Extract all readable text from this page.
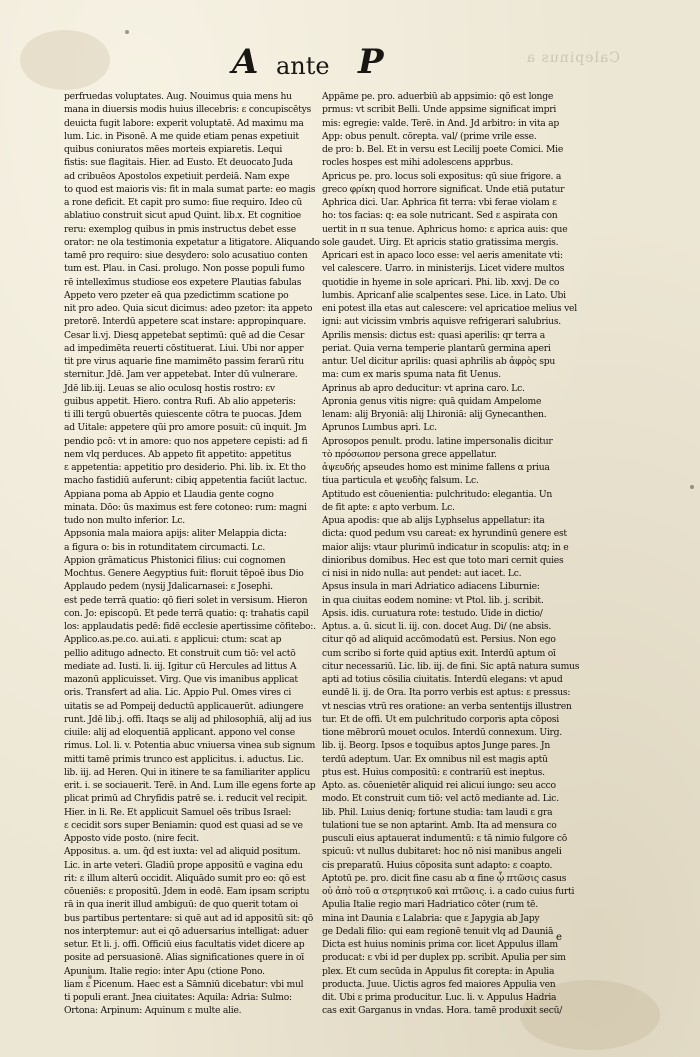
Calepinus a
A ante P
perfruedas voluptates. Aug. Nouimus quia mens hu
mana in diuersis modis huius illecebris: ε concupiscētys
deuicta fugit labore: experit voluptatē. Ad maximu ma
lum. Lic. in Pisonē. A me quide etiam penas expetiuit
quibus coniuratos mēes morteis expiaretis. Lequi
fistis: sue flagitais. Hier. ad Eusto. Et deuocato Juda
ad cribuēos Apostolos expetiuit perdeiā. Nam expe
to quod est maioris vis: fit in mala sumat parte: eo magis
a rone deficit. Et capit pro sumo: fiue requiro. Ideo cū
ablatiuo construit sicut apud Quint. lib.x. Et cognitioe
reru: exemplog quibus in pmis instructus debet esse
orator: ne ola testimonia expetatur a litigatore. Aliquando
tamē pro requiro: siue desydero: solo acusatiuo conten
tum est. Plau. in Casi. prolugo. Non posse populi fumo
rē intellexīmus studiose eos expetere Plautias fabulas
Appeto vero pzeter eā qua pzedictimm scatione po
nit pro adeo. Quia sicut dicimus: adeo pzetor: ita appeto
pretorē. Interdū appetere scat instare: appropinquare.
Cesar li.vj. Diesq appetebat septimū: quē ad die Cesar
ad impedimēta reuerti cōstituerat. Liui. Ubi nor apper
tit pre virus aquarie fine mamimēto passim ferarū ritu
sternitur. Jdē. Jam ver appetebat. Inter dū vulnerare.
Jdē lib.iij. Leuas se alio oculosq hostis rostro: εv
guibus appetit. Hiero. contra Rufi. Ab alio appeteris:
ti illi tergū obuertēs quiescente cōtra te puocas. Jdem
ad Uitale: appetere qūi pro amore posuit: cū inquit. Jm
pendio pcō: vt in amore: quo nos appetere cepisti: ad fi
nem vlq perduces. Ab appeto fit appetito: appetitus
ε appetentia: appetitio pro desiderio. Phi. lib. ix. Et tho
macho fastidiū auferunt: cibiq appetentia faciūt lactuc.
Appiana poma ab Appio et Llaudia gente cogno
minata. Dōo: ūs maximus est fere cotoneo: rum: magni
tudo non multo inferior. Lc.
Appsonia mala maiora apijs: aliter Melappia dicta:
a figura o: bis in rotunditatem circumacti. Lc.
Appion grāmaticus Phistonici filius: cui cognomen
Mochtus. Genere Aegyptius fuit: floruit tēpoē ibus Dio
Applaudo pedem (nysij Jdalicarnasei: ε Josephi.
est pede terrā quatio: qō fieri solet in versisum. Hieron
con. Jo: episcopū. Et pede terrā quatio: q: trahatis capil
los: applaudatis pedē: fidē ecclesie apertissime cōfitebo:.
Applico.as.pe.co. aui.ati. ε applicui: ctum: scat ap
pellio aditugo adnecto. Et construit cum tiō: vel actō
mediate ad. Iusti. li. iij. Igitur cū Hercules ad littus A
mazonū applicuisset. Virg. Que vis imanibus applicat
oris. Transfert ad alia. Lic. Appio Pul. Omes vires ci
uitatis se ad Pompeij deductū applicauerūt. adiungere
runt. Jdē lib.j. offi. Itaqs se alij ad philosophiā, alij ad ius
ciuile: alij ad eloquentiā applicant. appono vel conse
rimus. Lol. li. v. Potentia abuc vniuersa vinea sub signum
mitti tamē primis trunco est applicitus. i. aductus. Lic.
lib. iij. ad Heren. Qui in itinere te sa familiariter applicu
erit. i. se sociauerit. Terē. in And. Lum ille egens forte ap
plicat primū ad Chryfidis patrē se. i. reducit vel recipit.
Hier. in li. Re. Et applicuit Samuel oēs tribus Israel:
ε cecidit sors super Beniamin: quod est quasi ad se ve
Apposto vide posto. (nire fecit.
Appositus. a. um. q̄d est iuxta: vel ad aliquid positum.
Lic. in arte veteri. Gladiū prope appositū e vagina edu
rit: ε illum alterū occidit. Aliquādo sumit pro eo: qō est
cōueniēs: ε propositū. Jdem in eodē. Eam ipsam scriptu
rā in qua inerit illud ambiguū: de quo querit totam oi
bus partibus pertentare: si quē aut ad id appositū sit: qō
nos interptemur: aut ei qō aduersarius intelligat: aduer
setur. Et li. j. offi. Officiū eius facultatis videt dicere ap
posite ad persuasionē. Alias significationes quere in oī
Apunium. Italie regio: inter Apu (ctione Pono.
liam ε Picenum. Haec est a Sāmniū dicebatur: vbi mul
ti populi erant. Jnea ciuitates: Aquila: Adria: Sulmo:
Ortona: Arpinum: Aquinum ε multe alie.
Appāme pe. pro. aduerbiū ab appsimio: qō est longe
prmus: vt scribit Belli. Unde appsime significat impri
mis: egregie: valde. Terē. in And. Jd arbitro: in vita ap
App: obus penult. cōrepta. val/ (prime vrile esse.
de pro: b. Bel. Et in versu est Lecilij poete Comici. Mie
rocles hospes est mihi adolescens apprbus.
Apricus pe. pro. locus soli expositus: qū siue frigore. a
greco φρίκη quod horrore significat. Unde etiā putatur
Aphrica dici. Uar. Aphrica fit terra: vbi ferae violam ε
ho: tos facias: q: ea sole nutricant. Sed ε aspirata con
uertit in π sua tenue. Aphricus homo: ε aprica auis: que
sole gaudet. Uirg. Et apricis statio gratissima mergis.
Apricari est in apaco loco esse: vel aeris amenitate vti:
vel calescere. Uarro. in ministerijs. Licet videre multos
quotidie in hyeme in sole apricari. Phi. lib. xxvj. De co
lumbis. Apricanf alie scalpentes sese. Lice. in Lato. Ubi
eni potest illa etas aut calescere: vel apricatioe melius vel
igni: aut vicissim vmbris aquisve refrigerari salubrius.
Aprilis mensis: dictus est: quasi aperilis: qr terra a
periat. Quia verna temperie plantarū germina aperi
antur. Uel dicitur aprilis: quasi aphrilis ab ἀφρὸς spu
ma: cum ex maris spuma nata fit Uenus.
Aprinus ab apro deducitur: vt aprina caro. Lc.
Apronia genus vitis nigre: quā quidam Ampelome
lenam: alij Bryoniā: alij Lhironiā: alij Gynecanthen.
Aprunos Lumbus apri. Lc.
Aprosopos penult. produ. latine impersonalis dicitur
τὸ πρόσωπον persona grece appellatur.
ἀψευδής apseudes homo est minime fallens α priua
tiua particula et ψευδὴς falsum. Lc.
Aptitudo est cōuenientia: pulchritudo: elegantia. Un
de fit apte: ε apto verbum. Lc.
Apua apodis: que ab alijs Lyphselus appellatur: ita
dicta: quod pedum vsu careat: ex hyrundinū genere est
maior alijs: vtaur plurimū indicatur in scopulis: atq; in e
dinioribus domibus. Hec est que toto mari cernit quies
ci nisi in nido nulla: aut pendet: aut iacet. Lc.
Apsus insula in mari Adriatico adiacens Liburnie:
in qua ciuitas eodem nomine: vt Ptol. lib. j. scribit.
Apsis. idis. curuatura rote: testudo. Uide in dictio/
Aptus. a. ū. sicut li. iij. con. docet Aug. Di/ (ne absis.
citur qō ad aliquid accōmodatū est. Persius. Non ego
cum scribo si forte quid aptius exit. Interdū aptum oī
citur necessariū. Lic. lib. iij. de fini. Sic aptā natura sumus
apti ad totius cōsilia ciuitatis. Interdū elegans: vt apud
eundē li. ij. de Ora. Ita porro verbis est aptus: ε pressus:
vt nescias vtrū res oratione: an verba sententijs illustren
tur. Et de offi. Ut em pulchritudo corporis apta cōposi
tione mēbrorū mouet oculos. Interdū connexum. Uirg.
lib. ij. Beorg. Ipsos e toquibus aptos Junge pares. Jn
terdū adeptum. Uar. Ex omnibus nil est magis aptū
ptus est. Huius compositū: ε contrariū est ineptus.
Apto. as. cōuenietēr aliquid rei alicui iungo: seu acco
modo. Et construit cum tiō: vel actō mediante ad. Lic.
lib. Phil. Luius deniq; fortune studia: tam laudi ε gra
tulationi tue se non aptarint. Amb. Ita ad mensura co
pusculi eius aptauerat indumentū: ε tā nimio fulgore cō
spicuū: vt nullus dubitaret: hoc nō nisi manibus angeli
cis preparatū. Huius cōposita sunt adapto: ε coapto.
Aptotū pe. pro. dicit fine casu ab α fine ᾧ πτῶσις casus
οὐ ἀπὸ τοῦ α στερητικοῦ καὶ πτῶσις. i. a cado cuius furti
Apulia Italie regio mari Hadriatico cōter (rum tē.
mina int Daunia ε Lalabria: que ε Japygia ab Japy
ge Dedali filio: qui eam regionē tenuit vlq ad Dauniā
Dicta est huius nominis prima cor. licet Appulus illam
producat: ε vbi id per duplex pp. scribit. Apulia per sim
plex. Et cum secūda in Appulus fit corepta: in Apulia
producta. Juue. Uictis agros fed maiores Appulia ven
dit. Ubi ε prima producitur. Luc. li. v. Appulus Hadria
cas exit Garganus in vndas. Hora. tamē produxit secū/
e
